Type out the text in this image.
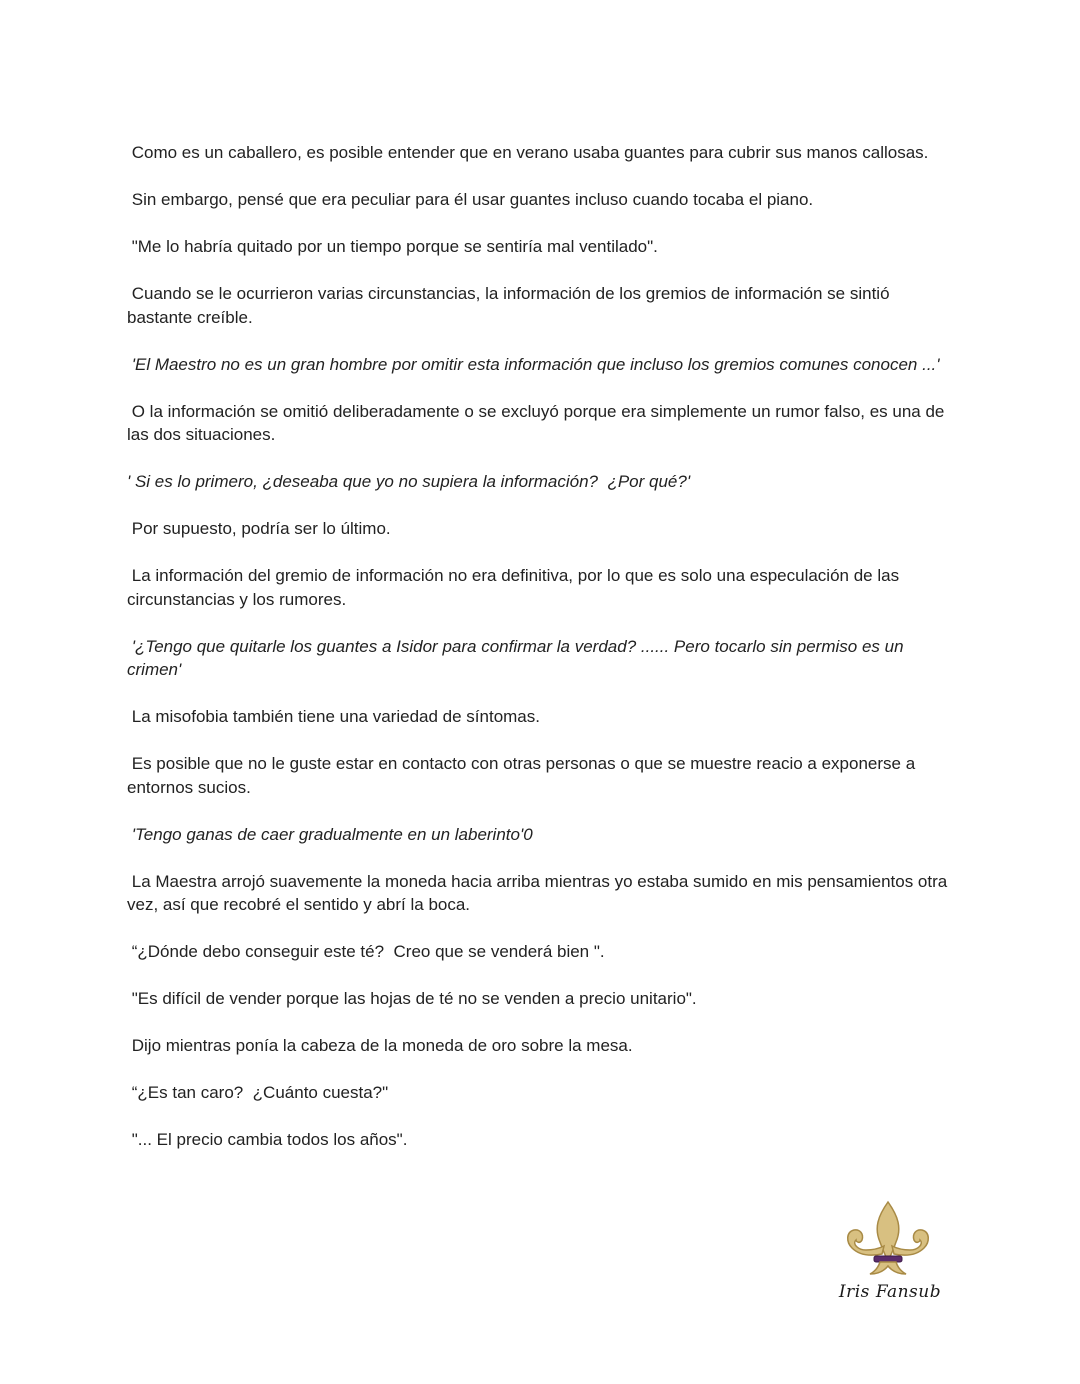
Como es un caballero, es posible entender que en verano usaba guantes para cubrir sus manos callosas.

Sin embargo, pensé que era peculiar para él usar guantes incluso cuando tocaba el piano.

"Me lo habría quitado por un tiempo porque se sentiría mal ventilado".

Cuando se le ocurrieron varias circunstancias, la información de los gremios de información se sintió bastante creíble.

'El Maestro no es un gran hombre por omitir esta información que incluso los gremios comunes conocen ...'

O la información se omitió deliberadamente o se excluyó porque era simplemente un rumor falso, es una de las dos situaciones.

' Si es lo primero, ¿deseaba que yo no supiera la información?  ¿Por qué?'

Por supuesto, podría ser lo último.

La información del gremio de información no era definitiva, por lo que es solo una especulación de las circunstancias y los rumores.

'¿Tengo que quitarle los guantes a Isidor para confirmar la verdad? ...... Pero tocarlo sin permiso es un crimen'

La misofobia también tiene una variedad de síntomas.

Es posible que no le guste estar en contacto con otras personas o que se muestre reacio a exponerse a entornos sucios.

'Tengo ganas de caer gradualmente en un laberinto'0

La Maestra arrojó suavemente la moneda hacia arriba mientras yo estaba sumido en mis pensamientos otra vez, así que recobré el sentido y abrí la boca.

“¿Dónde debo conseguir este té?  Creo que se venderá bien ".

"Es difícil de vender porque las hojas de té no se venden a precio unitario".

Dijo mientras ponía la cabeza de la moneda de oro sobre la mesa.

“¿Es tan caro?  ¿Cuánto cuesta?"

"... El precio cambia todos los años".

Iris Fansub
